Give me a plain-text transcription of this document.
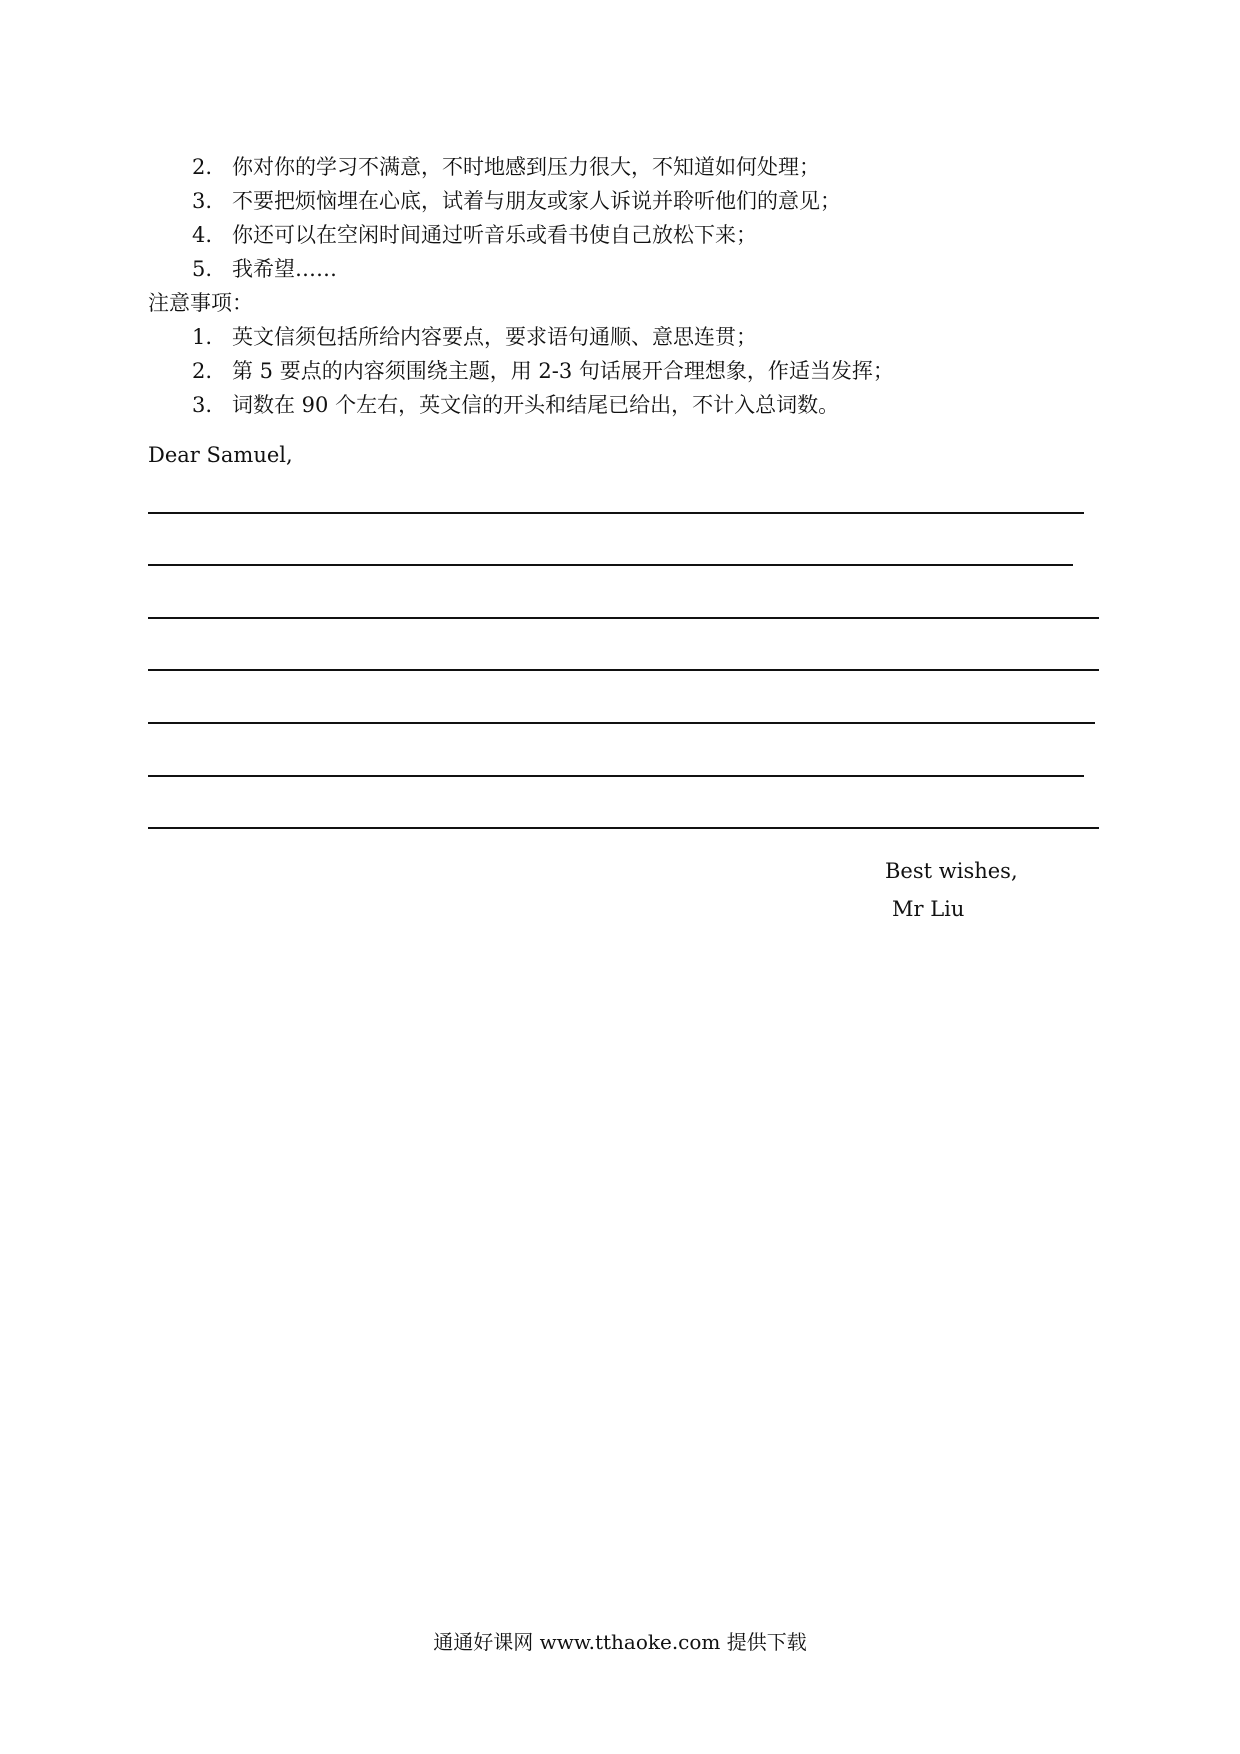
2. 你对你的学习不满意，不时地感到压力很大，不知道如何处理；
3. 不要把烦恼埋在心底，试着与朋友或家人诉说并聆听他们的意见；
4. 你还可以在空闲时间通过听音乐或看书使自己放松下来；
5. 我希望……
注意事项：
1. 英文信须包括所给内容要点，要求语句通顺、意思连贯；
2. 第 5 要点的内容须围绕主题，用 2-3 句话展开合理想象，作适当发挥；
3. 词数在 90 个左右，英文信的开头和结尾已给出，不计入总词数。
Dear Samuel,
Best wishes,
Mr Liu
通通好课网 www.tthaoke.com 提供下载
